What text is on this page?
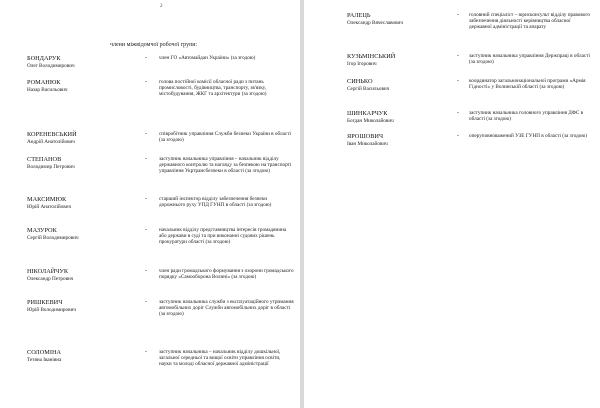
2
члени міжвідомчої робочої групи:
БОНДАРУК
Олег Володимирович
- член ГО «Автомайдан України» (за згодою)
РОМАНЮК
Назар Васильович
- голова постійної комісії обласної ради з питань промисловості, будівництва, транспорту, зв'язку, містобудування, ЖКГ та архітектури (за згодою)
КОРЕНЕВСЬКИЙ
Андрій Анатолійович
- співробітник управління Служби безпеки України в області (за згодою)
СТЕПАНОВ
Володимир Петрович
- заступник начальника управління – начальник відділу державного контролю та нагляду за безпекою на транспорті управління Укртрансбезпеки в області (за згодою)
МАКСИМЮК
Юрій Анатолійович
- старший інспектор відділу забезпечення безпеки дорожнього руху УПД ГУНП в області (за згодою)
МАЗУРОК
Сергій Володимирович
- начальник відділу представництва інтересів громадянина або держави в суді та при виконанні судових рішень прокуратури області (за згодою)
НІКОЛАЙЧУК
Олександр Петрович
- член ради громадського формування з охорони громадського порядку «Самооборона Волині» (за згодою)
РИШКЕВИЧ
Юрій Володимирович
- заступник начальника служби з експлуатаційного утримання автомобільних доріг Служби автомобільних доріг в області (за згодою)
СОЛОМІНА
Тетяна Іванівна
- заступник начальника – начальник відділу дошкільної, загальної середньої та вищої освіти управління освіти, науки та молоді обласної державної адміністрації
РАЛЕЦЬ
Олександр Вячеславович
- головний спеціаліст – юрисконсульт відділу правового забезпечення діяльності керівництва обласної державної адміністрації та апарату
КУЗЬМІНСЬКИЙ
Ігор Ігорович
- заступник начальника управління Держпраці в області (за згодою)
СИНЬКО
Сергій Васильович
- координатор загальнонаціональної програми «Армія Гідності» у Волинській області (за згодою)
ШИНКАРЧУК
Богдан Миколайович
- заступник начальника головного управління ДФС в області (за згодою)
ЯРОШОВИЧ
Іван Миколайович
- оперуповноважений УЗЕ ГУНП в області (за згодою)
